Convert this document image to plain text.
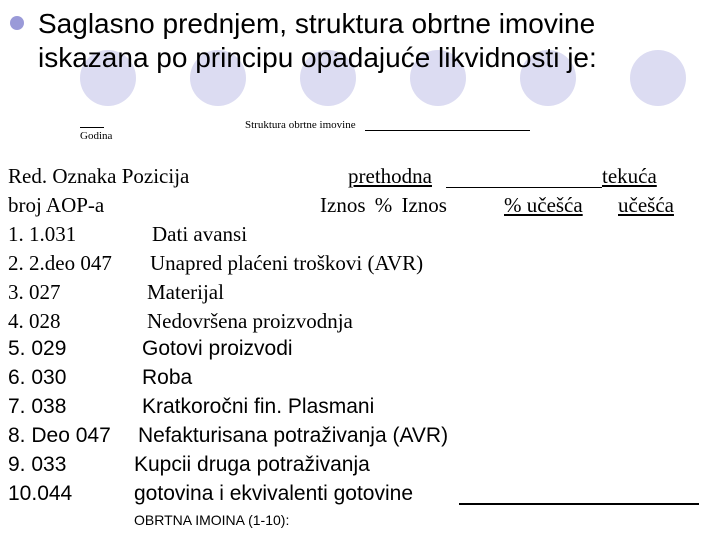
Saglasno prednjem, struktura obrtne imovine
iskazana po principu opadajuće likvidnosti je:
Godina
Struktura obrtne imovine
Red. Oznaka Pozicija	prethodna	tekuća
broj AOP-a	Iznos % Iznos	% učešća učešća
1. 1.031	Dati avansi
2. 2.deo 047 Unapred plaćeni troškovi (AVR)
3. 027	Materijal
4. 028	Nedovršena proizvodnja
5. 029	Gotovi proizvodi
6. 030	Roba
7. 038	Kratkoročni fin. Plasmani
8. Deo 047 Nefakturisana potraživanja (AVR)
9. 033	Kupcii druga potraživanja
10.044	gotovina i ekvivalenti gotovine
OBRTNA IMOINA (1-10):
